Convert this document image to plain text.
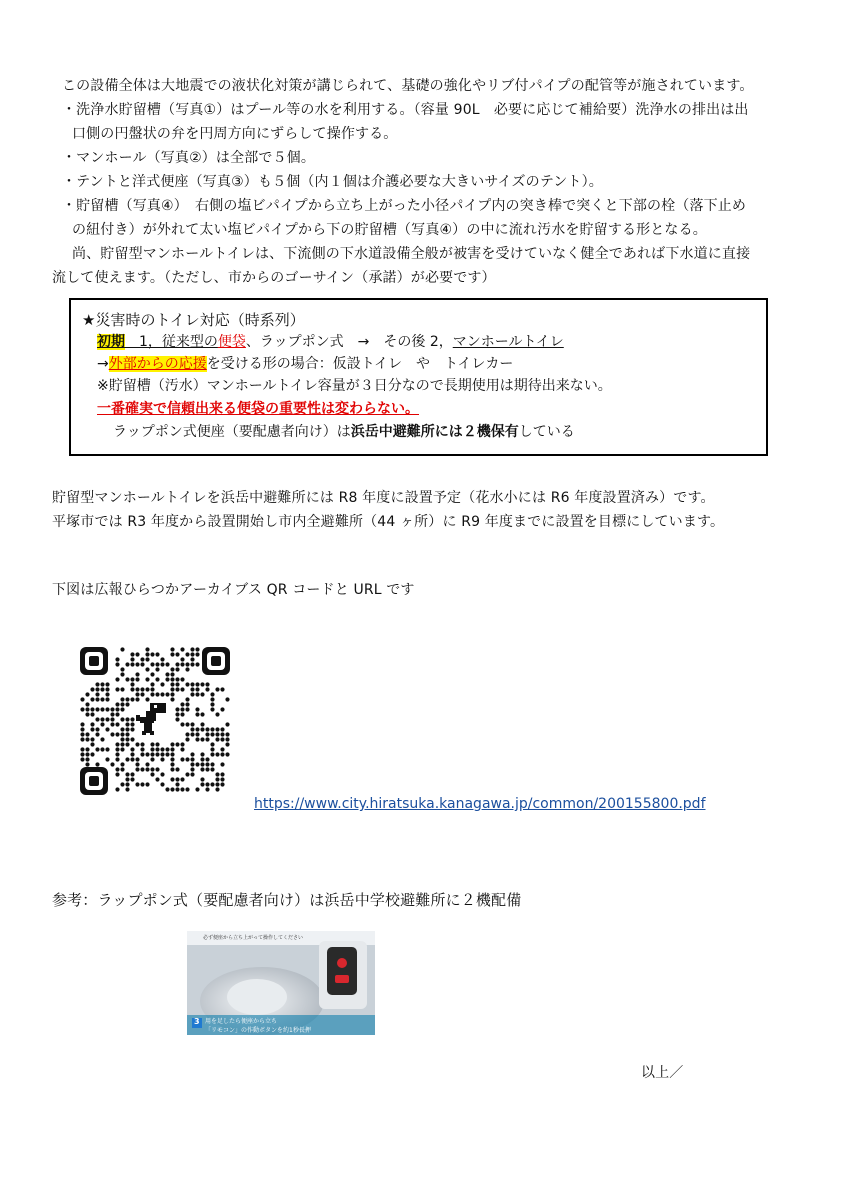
この設備全体は大地震での液状化対策が講じられて、基礎の強化やリブ付パイプの配管等が施されています。
・洗浄水貯留槽（写真①）はプール等の水を利用する。（容量 90L　必要に応じて補給要）洗浄水の排出は出
口側の円盤状の弁を円周方向にずらして操作する。
・マンホール（写真②）は全部で５個。
・テントと洋式便座（写真③）も５個（内１個は介護必要な大きいサイズのテント）。
・貯留槽（写真④）　右側の塩ビパイプから立ち上がった小径パイプ内の突き棒で突くと下部の栓（落下止め
の紐付き）が外れて太い塩ビパイプから下の貯留槽（写真④）の中に流れ汚水を貯留する形となる。
尚、貯留型マンホールトイレは、下流側の下水道設備全般が被害を受けていなく健全であれば下水道に直接
流して使えます。（ただし、市からのゴーサイン（承諾）が必要です）
★災害時のトイレ対応（時系列）
初期　1，従来型の便袋、ラップポン式　→　その後 2，マンホールトイレ
→外部からの応援を受ける形の場合：仮設トイレ　や　トイレカー
※貯留槽（汚水）マンホールトイレ容量が３日分なので長期使用は期待出来ない。
一番確実で信頼出来る便袋の重要性は変わらない。
ラップポン式便座（要配慮者向け）は浜岳中避難所には２機保有している
貯留型マンホールトイレを浜岳中避難所には R8 年度に設置予定（花水小には R6 年度設置済み）です。
平塚市では R3 年度から設置開始し市内全避難所（44 ヶ所）に R9 年度までに設置を目標にしています。
下図は広報ひらつかアーカイブス QR コードと URL です
https://www.city.hiratsuka.kanagawa.jp/common/200155800.pdf
参考：ラップポン式（要配慮者向け）は浜岳中学校避難所に２機配備
必ず便座から立ち上がって操作してください
3 用を足したら便座から立ち
「リモコン」の作動ボタンを約1秒長押
以上／
